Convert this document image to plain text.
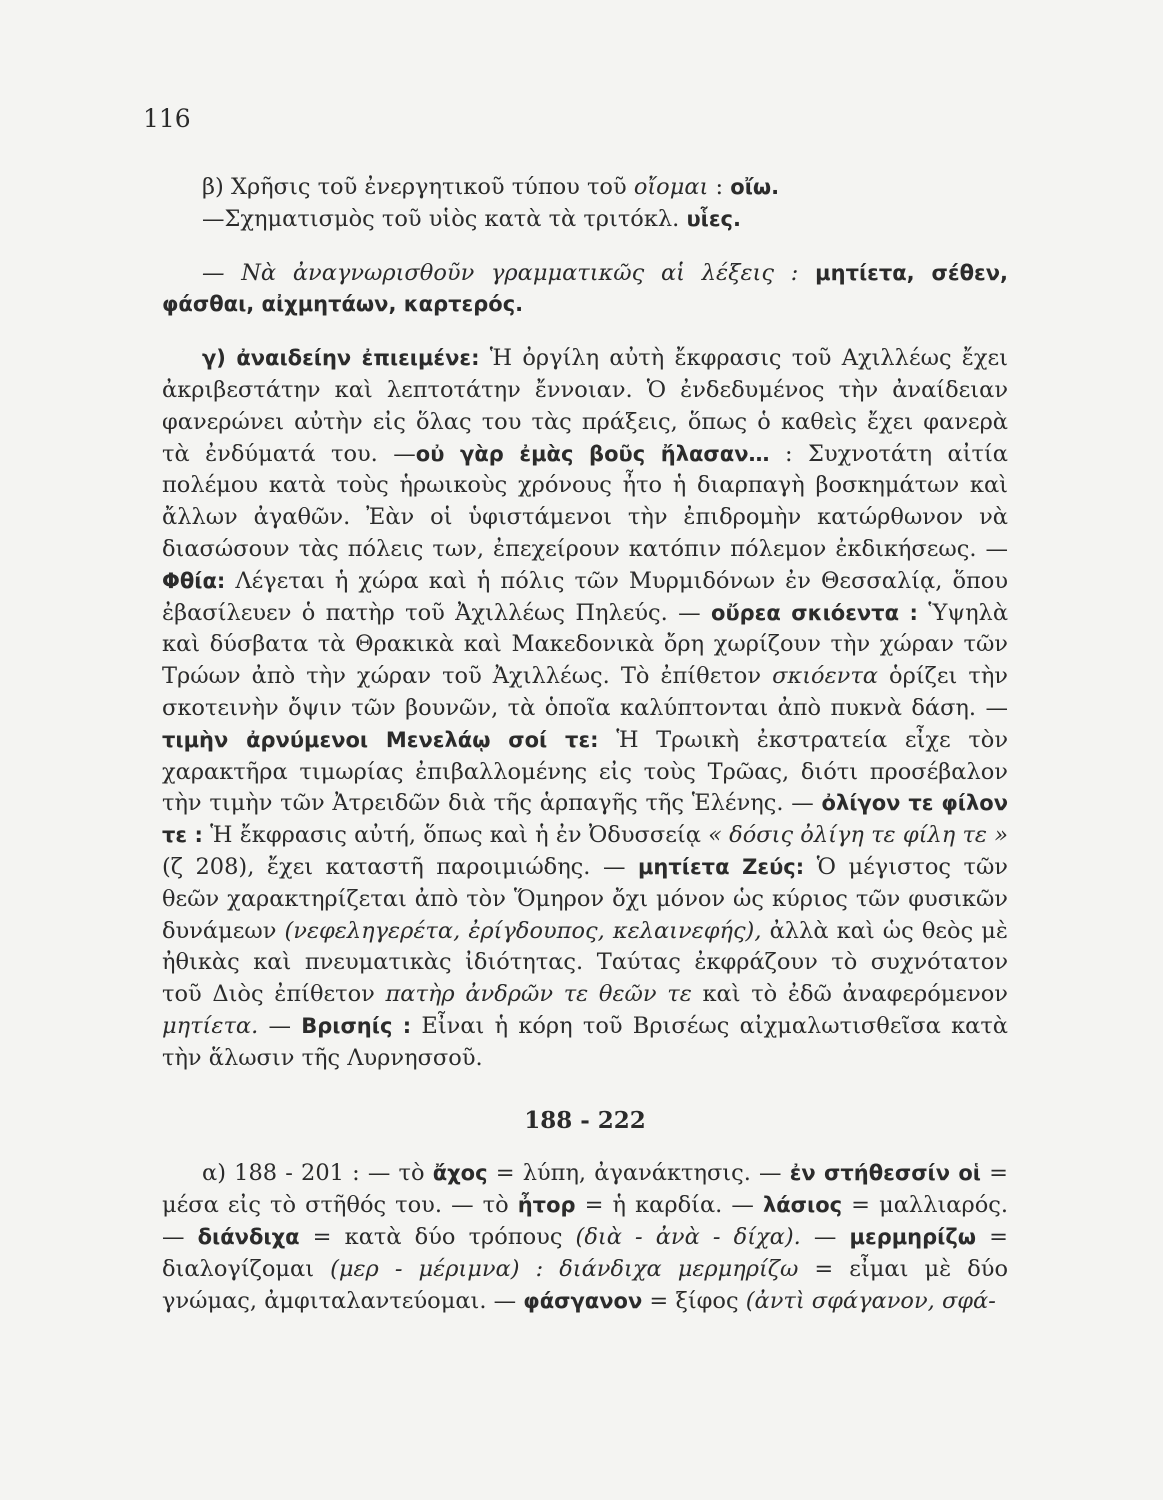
116

β) Χρῆσις τοῦ ἐνεργητικοῦ τύπου τοῦ οἴομαι : οἴω.

—Σχηματισμὸς τοῦ υἱὸς κατὰ τὰ τριτόκλ. υἷες.

— Νὰ ἀναγνωρισθοῦν γραμματικῶς αἱ λέξεις : μητίετα, σέθεν, φάσθαι, αἰχμητάων, καρτερός.

γ) ἀναιδείην ἐπιειμένε: Ἡ ὀργίλη αὐτὴ ἔκφρασις τοῦ Αχιλλέως ἔχει ἀκριβεστάτην καὶ λεπτοτάτην ἔννοιαν. Ὁ ἐνδεδυμένος τὴν ἀναίδειαν φανερώνει αὐτὴν εἰς ὅλας του τὰς πράξεις, ὅπως ὁ καθεὶς ἔχει φανερὰ τὰ ἐνδύματά του. —οὐ γὰρ ἐμὰς βοῦς ἤλασαν… : Συχνοτάτη αἰτία πολέμου κατὰ τοὺς ἡρωικοὺς χρόνους ἦτο ἡ διαρπαγὴ βοσκημάτων καὶ ἄλλων ἀγαθῶν. Ἐὰν οἱ ὑφιστάμενοι τὴν ἐπιδρομὴν κατώρθωνον νὰ διασώσουν τὰς πόλεις των, ἐπεχείρουν κατόπιν πόλεμον ἐκδικήσεως. — Φθία: Λέγεται ἡ χώρα καὶ ἡ πόλις τῶν Μυρμιδόνων ἐν Θεσσαλίᾳ, ὅπου ἐβασίλευεν ὁ πατὴρ τοῦ Ἀχιλλέως Πηλεύς. — οὔρεα σκιόεντα : Ὑψηλὰ καὶ δύσβατα τὰ Θρακικὰ καὶ Μακεδονικὰ ὄρη χωρίζουν τὴν χώραν τῶν Τρώων ἀπὸ τὴν χώραν τοῦ Ἀχιλλέως. Τὸ ἐπίθετον σκιόεντα ὁρίζει τὴν σκοτεινὴν ὄψιν τῶν βουνῶν, τὰ ὁποῖα καλύπτονται ἀπὸ πυκνὰ δάση. — τιμὴν ἀρνύμενοι Μενελάῳ σοί τε: Ἡ Τρωικὴ ἐκστρατεία εἶχε τὸν χαρακτῆρα τιμωρίας ἐπιβαλλομένης εἰς τοὺς Τρῶας, διότι προσέβαλον τὴν τιμὴν τῶν Ἀτρειδῶν διὰ τῆς ἁρπαγῆς τῆς Ἑλένης. — ὀλίγον τε φίλον τε : Ἡ ἔκφρασις αὐτή, ὅπως καὶ ἡ ἐν Ὀδυσσείᾳ « δόσις ὀλίγη τε φίλη τε » (ζ 208), ἔχει καταστῆ παροιμιώδης. — μητίετα Ζεύς: Ὁ μέγιστος τῶν θεῶν χαρακτηρίζεται ἀπὸ τὸν Ὅμηρον ὄχι μόνον ὡς κύριος τῶν φυσικῶν δυνάμεων (νεφεληγερέτα, ἐρίγδουπος, κελαινεφής), ἀλλὰ καὶ ὡς θεὸς μὲ ἠθικὰς καὶ πνευματικὰς ἰδιότητας. Ταύτας ἐκφράζουν τὸ συχνότατον τοῦ Διὸς ἐπίθετον πατὴρ ἀνδρῶν τε θεῶν τε καὶ τὸ ἐδῶ ἀναφερόμενον μητίετα. — Βρισηίς : Εἶναι ἡ κόρη τοῦ Βρισέως αἰχμαλωτισθεῖσα κατὰ τὴν ἅλωσιν τῆς Λυρνησσοῦ.

188 - 222

α) 188 - 201 : — τὸ ἄχος = λύπη, ἀγανάκτησις. — ἐν στήθεσσίν οἱ = μέσα εἰς τὸ στῆθός του. — τὸ ἦτορ = ἡ καρδία. — λάσιος = μαλλιαρός. — διάνδιχα = κατὰ δύο τρόπους (διὰ - ἀνὰ - δίχα). — μερμηρίζω = διαλογίζομαι (μερ - μέριμνα) : διάνδιχα μερμηρίζω = εἶμαι μὲ δύο γνώμας, ἀμφιταλαντεύομαι. — φάσγανον = ξίφος (ἀντὶ σφάγανον, σφά-
